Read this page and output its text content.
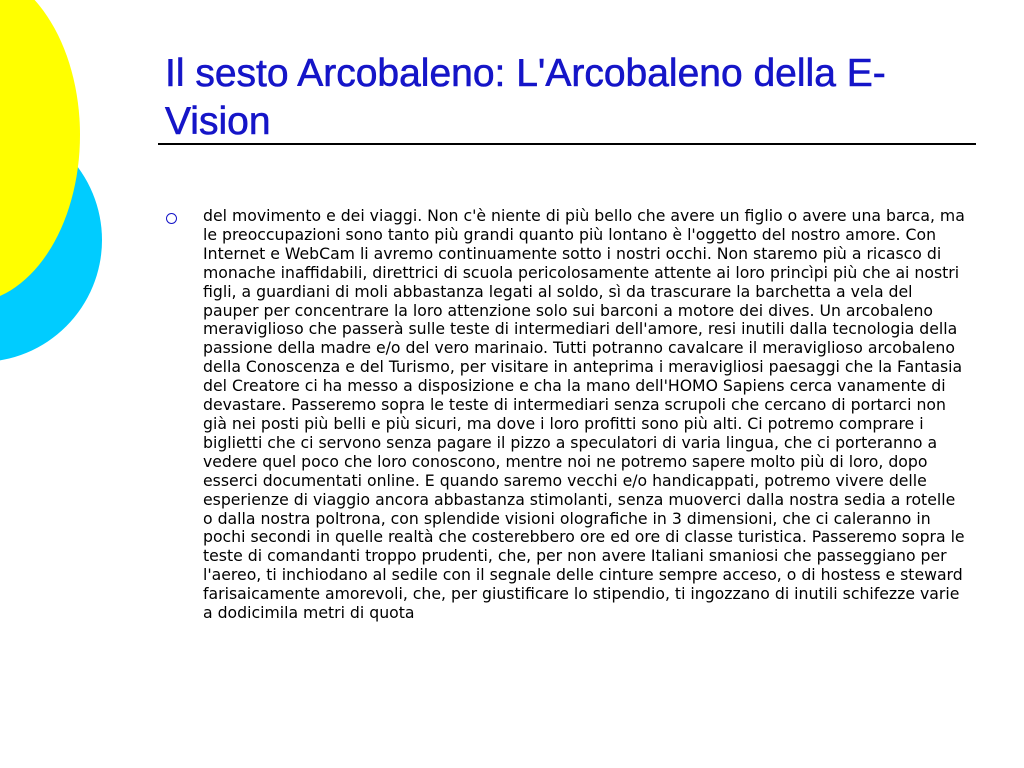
Il sesto Arcobaleno: L'Arcobaleno della E-Vision

del movimento e dei viaggi. Non c'è niente di più bello che avere un figlio o avere una barca, ma le preoccupazioni sono tanto più grandi quanto più lontano è l'oggetto del nostro amore. Con Internet e WebCam li avremo continuamente sotto i nostri occhi. Non staremo più a ricasco di monache inaffidabili, direttrici di scuola pericolosamente attente ai loro princìpi più che ai nostri figli, a guardiani di moli abbastanza legati al soldo, sì da trascurare la barchetta a vela del pauper per concentrare la loro attenzione solo sui barconi a motore dei dives. Un arcobaleno meraviglioso che passerà sulle teste di intermediari dell'amore, resi inutili dalla tecnologia della passione della madre e/o del vero marinaio. Tutti potranno cavalcare il meraviglioso arcobaleno della Conoscenza e del Turismo, per visitare in anteprima i meravigliosi paesaggi che la Fantasia del Creatore ci ha messo a disposizione e cha la mano dell'HOMO Sapiens cerca vanamente di devastare. Passeremo sopra le teste di intermediari senza scrupoli che cercano di portarci non già nei posti più belli e più sicuri, ma dove i loro profitti sono più alti. Ci potremo comprare i biglietti che ci servono senza pagare il pizzo a speculatori di varia lingua, che ci porteranno a vedere quel poco che loro conoscono, mentre noi ne potremo sapere molto più di loro, dopo esserci documentati online. E quando saremo vecchi e/o handicappati, potremo vivere delle esperienze di viaggio ancora abbastanza stimolanti, senza muoverci dalla nostra sedia a rotelle o dalla nostra poltrona, con splendide visioni olografiche in 3 dimensioni, che ci caleranno in pochi secondi in quelle realtà che costerebbero ore ed ore di classe turistica. Passeremo sopra le teste di comandanti troppo prudenti, che, per non avere Italiani smaniosi che passeggiano per l'aereo, ti inchiodano al sedile con il segnale delle cinture sempre acceso, o di hostess e steward farisaicamente amorevoli, che, per giustificare lo stipendio, ti ingozzano di inutili schifezze varie a dodicimila metri di quota
